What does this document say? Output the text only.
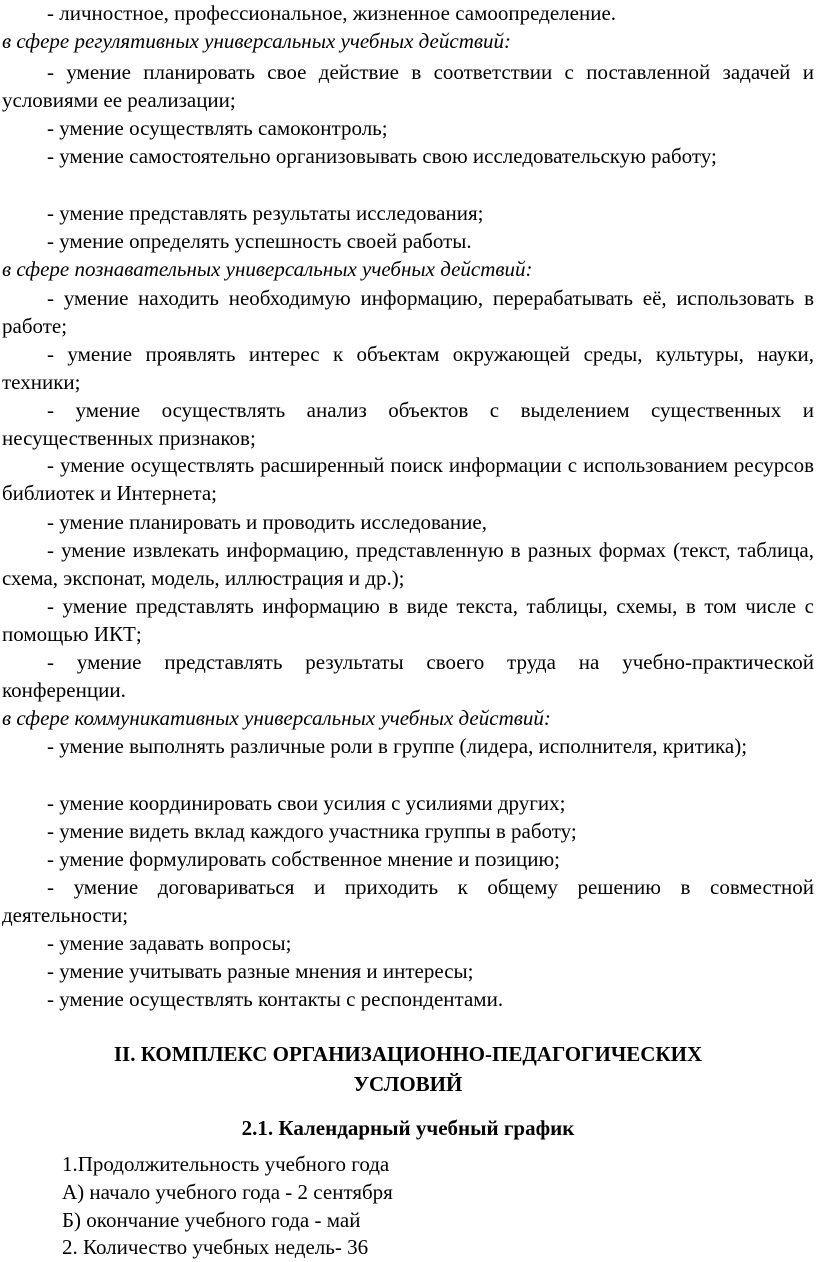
- личностное, профессиональное, жизненное самоопределение.
в сфере регулятивных универсальных учебных действий:
- умение планировать свое действие в соответствии с поставленной задачей и условиями ее реализации;
- умение осуществлять самоконтроль;
- умение самостоятельно организовывать свою исследовательскую работу;
- умение представлять результаты исследования;
- умение определять успешность своей работы.
в сфере познавательных универсальных учебных действий:
- умение находить необходимую информацию, перерабатывать её, использовать в работе;
- умение проявлять интерес к объектам окружающей среды, культуры, науки, техники;
- умение осуществлять анализ объектов с выделением существенных и несущественных признаков;
- умение осуществлять расширенный поиск информации с использованием ресурсов библиотек и Интернета;
- умение планировать и проводить исследование,
- умение извлекать информацию, представленную в разных формах (текст, таблица, схема, экспонат, модель, иллюстрация и др.);
- умение представлять информацию в виде текста, таблицы, схемы, в том числе с помощью ИКТ;
- умение представлять результаты своего труда на учебно-практической конференции.
в сфере коммуникативных универсальных учебных действий:
- умение выполнять различные роли в группе (лидера, исполнителя, критика);
- умение координировать свои усилия с усилиями других;
- умение видеть вклад каждого участника группы в работу;
- умение формулировать собственное мнение и позицию;
- умение договариваться и приходить к общему решению в совместной деятельности;
- умение задавать вопросы;
- умение учитывать разные мнения и интересы;
- умение осуществлять контакты с респондентами.
II. КОМПЛЕКС ОРГАНИЗАЦИОННО-ПЕДАГОГИЧЕСКИХ
УСЛОВИЙ
2.1. Календарный учебный график
1.Продолжительность учебного года
А) начало учебного года - 2 сентября
Б) окончание учебного года - май
2. Количество учебных недель- 36
